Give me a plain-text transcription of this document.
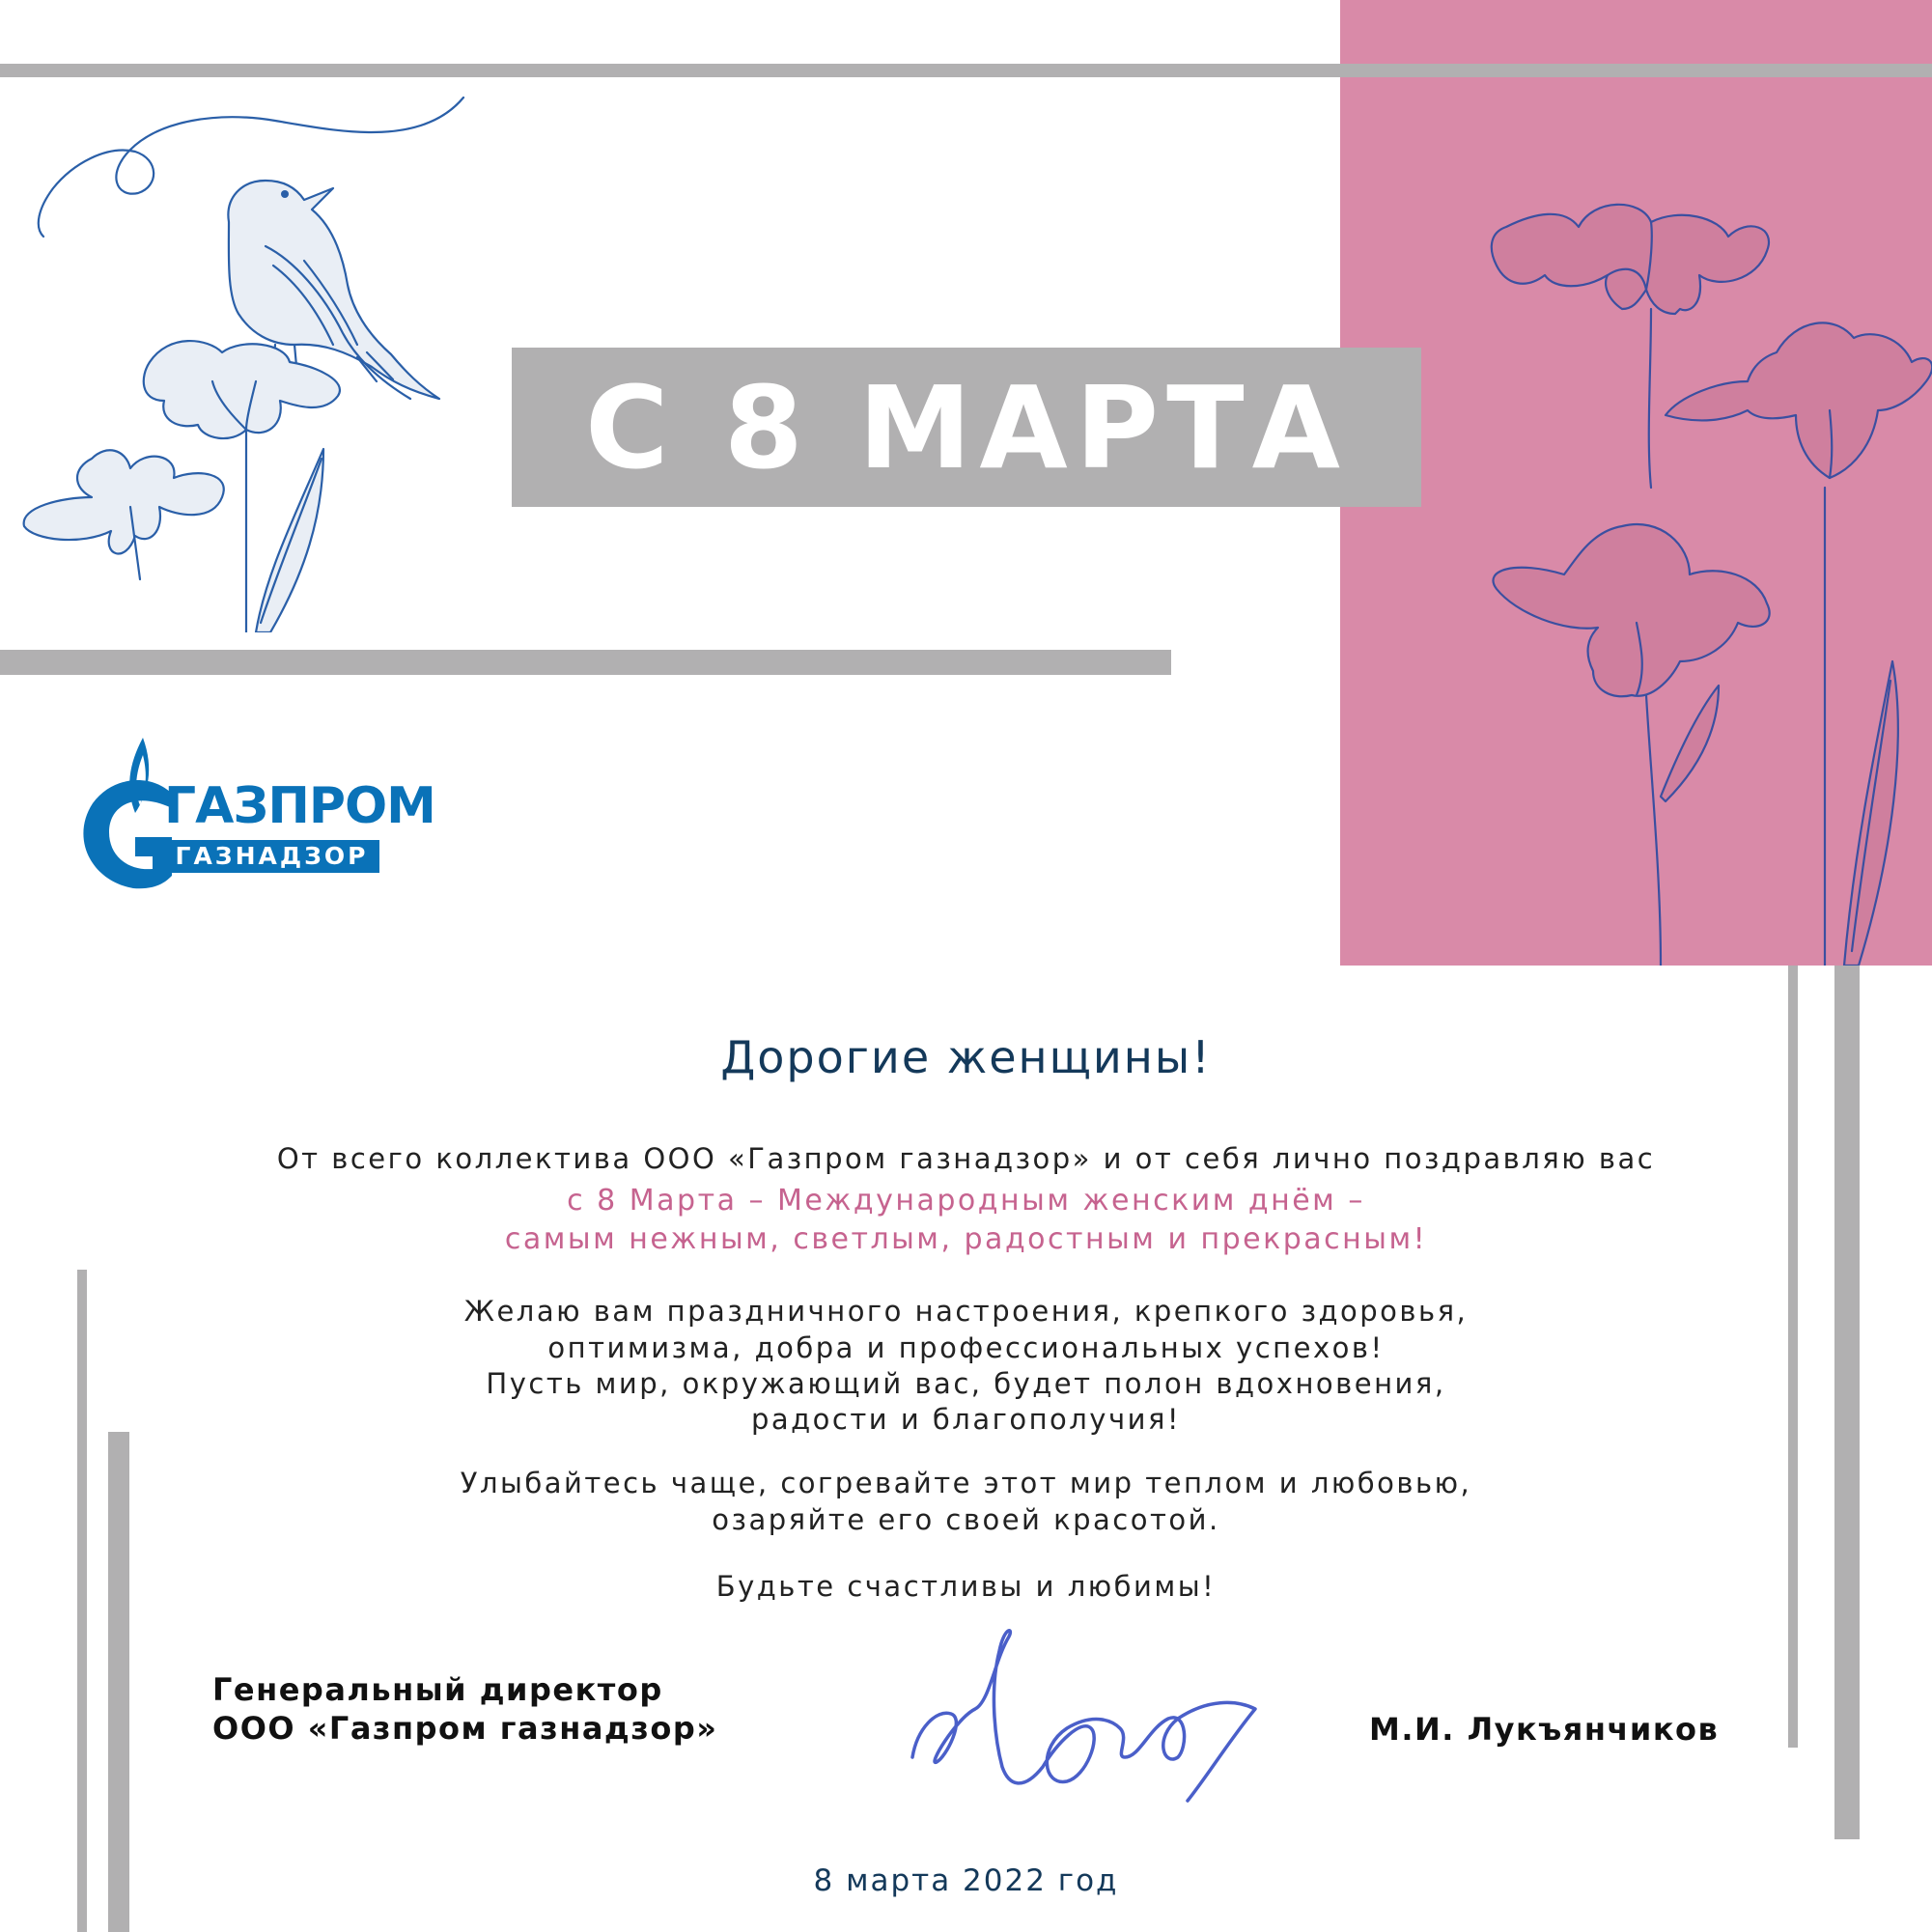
С 8 МАРТА
ГАЗПРОМ
ГАЗНАДЗОР
Дорогие женщины!
От всего коллектива ООО «Газпром газнадзор» и от себя лично поздравляю вас
с 8 Марта – Международным женским днём –
самым нежным, светлым, радостным и прекрасным!
Желаю вам праздничного настроения, крепкого здоровья,
оптимизма, добра и профессиональных успехов!
Пусть мир, окружающий вас, будет полон вдохновения,
радости и благополучия!
Улыбайтесь чаще, согревайте этот мир теплом и любовью,
озаряйте его своей красотой.
Будьте счастливы и любимы!
Генеральный директор
ООО «Газпром газнадзор»	М.И. Лукъянчиков
8 марта 2022 год
